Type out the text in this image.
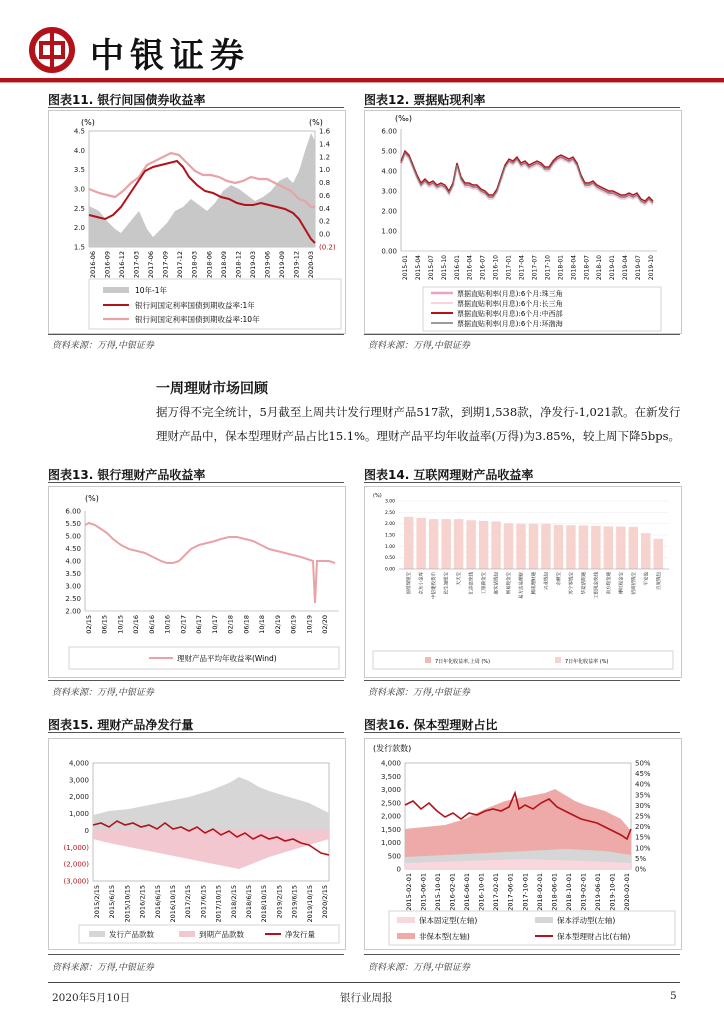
中银证券
图表11. 银行间国债券收益率
(%)	(%)
4.5
4.0
3.5
3.0
2.5
2.0
1.5
1.6
1.4
1.2
1.0
0.8
0.6
0.4
0.2
0.0
(0.2)
2016-06 2016-09 2016-12 2017-03 2017-06 2017-09 2017-12 2018-03 2018-06 2018-09 2018-12 2019-03 2019-06 2019-09 2019-12 2020-03
10年-1年
银行间国定利率国债到期收益率:1年
银行间国定利率国债到期收益率:10年
资料来源：万得,中银证券
图表12. 票据贴现利率
(‰)
6.00
5.00
4.00
3.00
2.00
1.00
0.00
2015-01 2015-04 2015-07 2015-10 2016-01 2016-04 2016-07 2016-10 2017-01 2017-04 2017-07 2017-10 2018-01 2018-04 2018-07 2018-10 2019-01 2019-04 2019-07 2019-10
票据直贴利率(月息):6个月:珠三角
票据直贴利率(月息):6个月:长三角
票据直贴利率(月息):6个月:中西部
票据直贴利率(月息):6个月:环渤海
资料来源：万得,中银证券
一周理财市场回顾
据万得不完全统计，5月截至上周共计发行理财产品517款，到期1,538款，净发行-1,021款。在新发行理财产品中，保本型理财产品占比15.1%。理财产品平均年收益率(万得)为3.85%，较上周下降5bps。
图表13. 银行理财产品收益率
(%)
6.00
5.50
5.00
4.50
4.00
3.50
3.00
2.50
2.00
02/15 06/15 10/15 02/16 06/16 10/16 02/17 06/17 10/17 02/18 06/18 10/18 02/19 06/19 10/19 02/20
理财产品平均年收益率(Wind)
资料来源：万得,中银证券
图表14. 互联网理财产品收益率
(%)
3.00
2.50
2.00
1.50
1.00
0.50
0.00
国投瑞银宝	京东小金库	中信建投货币	民生加银宝	天天宝	汇添富快钱	工银薪金宝	嘉实活钱包	网易现金宝	易方达易理财	腾讯理财通	兴业钱包	余额宝	苏宁零钱宝	华夏活期通	工银现金快线	南方现金通	博时现金宝	招商招钱宝	平安盈	百度钱包
7日年化收益率,上周 (%)	7日年化收益率 (%)
资料来源：万得,中银证券
图表15. 理财产品净发行量
4,000
3,000
2,000
1,000
0
(1,000)
(2,000)
(3,000)
2015/2/15 2015/6/15 2015/10/15 2016/2/15 2016/6/15 2016/10/15 2017/2/15 2017/6/15 2017/10/15 2018/2/15 2018/6/15 2018/10/15 2019/2/15 2019/6/15 2019/10/15 2020/2/15
发行产品款数	到期产品款数	净发行量
资料来源：万得,中银证券
图表16. 保本型理财占比
(发行款数)
4,000
3,500
3,000
2,500
2,000
1,500
1,000
500
0
50%
45%
40%
35%
30%
25%
20%
15%
10%
5%
0%
2015-02-01 2015-06-01 2015-10-01 2016-02-01 2016-06-01 2016-10-01 2017-02-01 2017-06-01 2017-10-01 2018-02-01 2018-06-01 2018-10-01 2019-02-01 2019-06-01 2019-10-01 2020-02-01
保本固定型(左轴)	保本浮动型(左轴)
非保本型(左轴)	保本型理财占比(右轴)
资料来源：万得,中银证券
2020年5月10日	银行业周报	5
